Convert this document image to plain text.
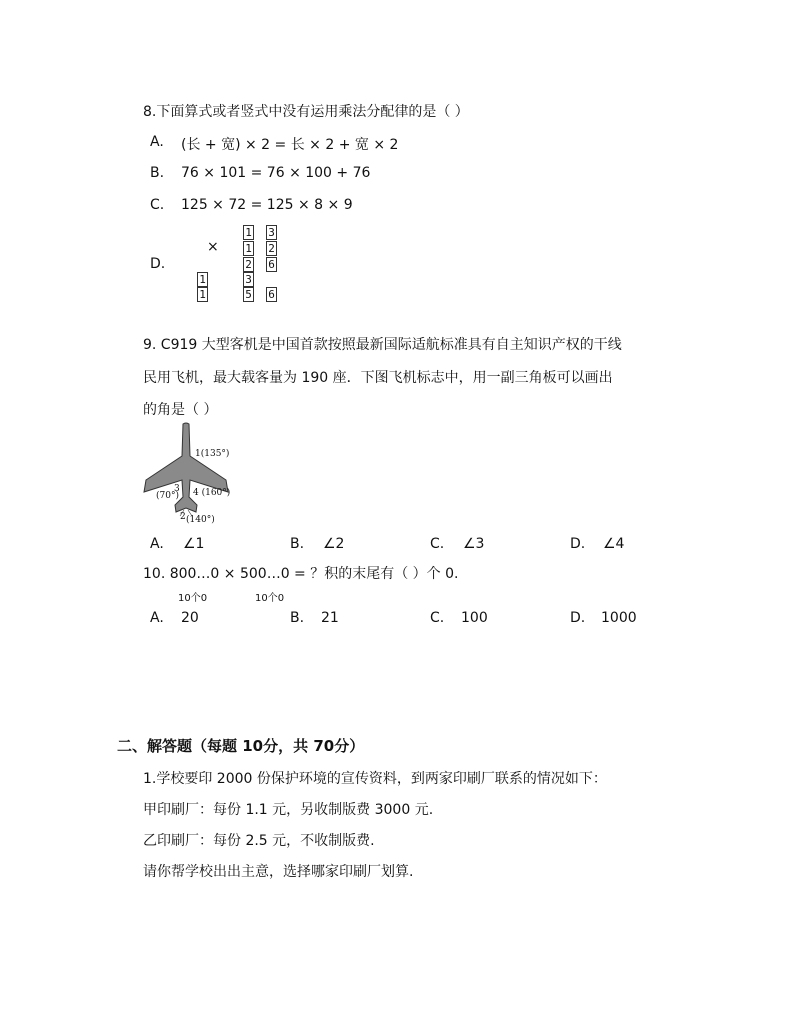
8.下面算式或者竖式中没有运用乘法分配律的是（ ）
A. (长 + 宽) × 2 = 长 × 2 + 宽 × 2
B. 76 × 101 = 76 × 100 + 76
C. 125 × 72 = 125 × 8 × 9
D.
×
1 3
1 2
2 6
1	3
1	5 6
9. C919 大型客机是中国首款按照最新国际适航标准具有自主知识产权的干线
民用飞机，最大载客量为 190 座．下图飞机标志中，用一副三角板可以画出
的角是（ ）
1(135°)
3
(70°) 4 (160°)
2 (140°)
A. ∠1	B. ∠2	C. ∠3	D. ∠4
10. 800…0 × 500…0 = ？积的末尾有（ ）个 0.
10个0	10个0
A. 20	B. 21	C. 100	D. 1000
二、解答题（每题 10分，共 70分）
1.学校要印 2000 份保护环境的宣传资料，到两家印刷厂联系的情况如下：
甲印刷厂：每份 1.1 元，另收制版费 3000 元.
乙印刷厂：每份 2.5 元，不收制版费.
请你帮学校出出主意，选择哪家印刷厂划算.
